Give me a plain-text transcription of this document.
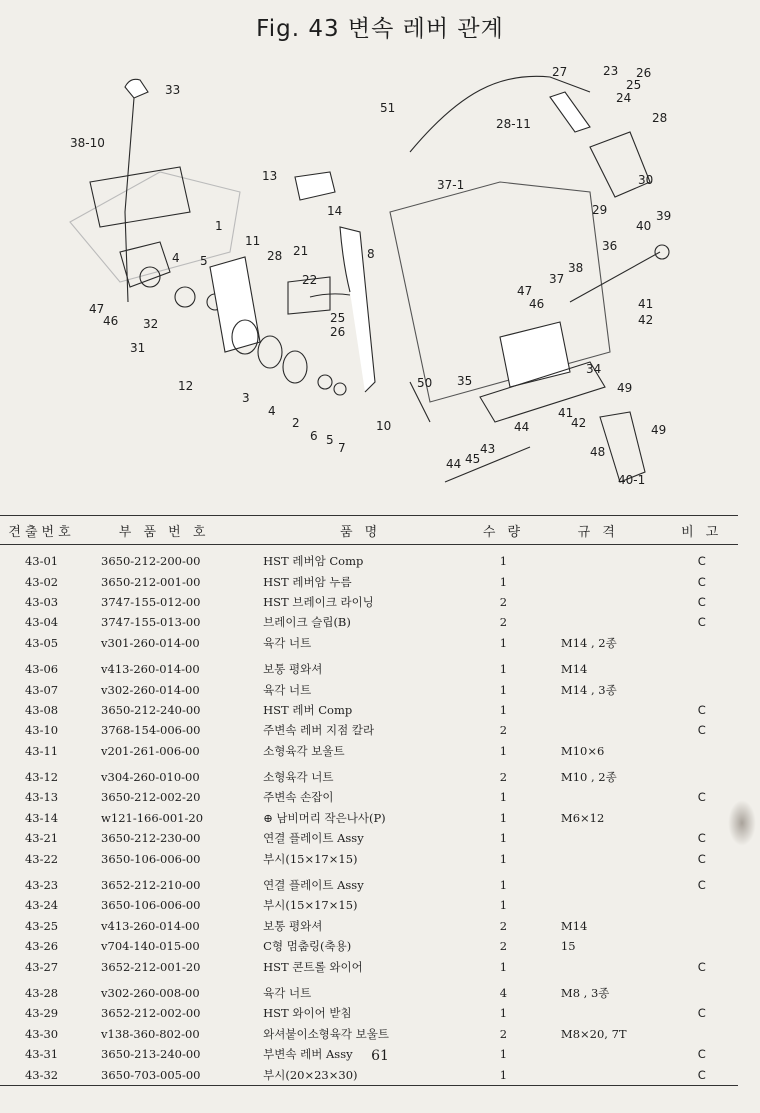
Fig. 43 변속 레버 관계
33
38-10
1
11
28 21
22
8
13
14
4 5
47
46 32
31
12
3
4
2
6 5
7
25
26
10
50
51
27	23
25
26
24
28
28-11
37-1	30
29
36
40
39
37
38
47
46	41
42
35
34
49
41
42
44
43
45
44
48
49
40-1
견출번호	부 품 번 호	품 명	수 량	규 격	비 고
43-01	3650-212-200-00	HST 레버암 Comp	1		C
43-02	3650-212-001-00	HST 레버암 누름	1		C
43-03	3747-155-012-00	HST 브레이크 라이닝	2		C
43-04	3747-155-013-00	브레이크 슬립(B)	2		C
43-05	v301-260-014-00	육각 너트	1	M14 , 2종	
43-06	v413-260-014-00	보통 평와셔	1	M14	
43-07	v302-260-014-00	육각 너트	1	M14 , 3종	
43-08	3650-212-240-00	HST 레버 Comp	1		C
43-10	3768-154-006-00	주변속 레버 지점 칼라	2		C
43-11	v201-261-006-00	소형육각 보울트	1	M10×6	
43-12	v304-260-010-00	소형육각 너트	2	M10 , 2종	
43-13	3650-212-002-20	주변속 손잡이	1		C
43-14	w121-166-001-20	⊕ 남비머리 작은나사(P)	1	M6×12	
43-21	3650-212-230-00	연결 플레이트 Assy	1		C
43-22	3650-106-006-00	부시(15×17×15)	1		C
43-23	3652-212-210-00	연결 플레이트 Assy	1		C
43-24	3650-106-006-00	부시(15×17×15)	1		
43-25	v413-260-014-00	보통 평와셔	2	M14	
43-26	v704-140-015-00	C형 멈춤링(축용)	2	15	
43-27	3652-212-001-20	HST 콘트롤 와이어	1		C
43-28	v302-260-008-00	육각 너트	4	M8 , 3종	
43-29	3652-212-002-00	HST 와이어 받침	1		C
43-30	v138-360-802-00	와셔붙이소형육각 보울트	2	M8×20, 7T	
43-31	3650-213-240-00	부변속 레버 Assy	1		C
43-32	3650-703-005-00	부시(20×23×30)	1		C
61
